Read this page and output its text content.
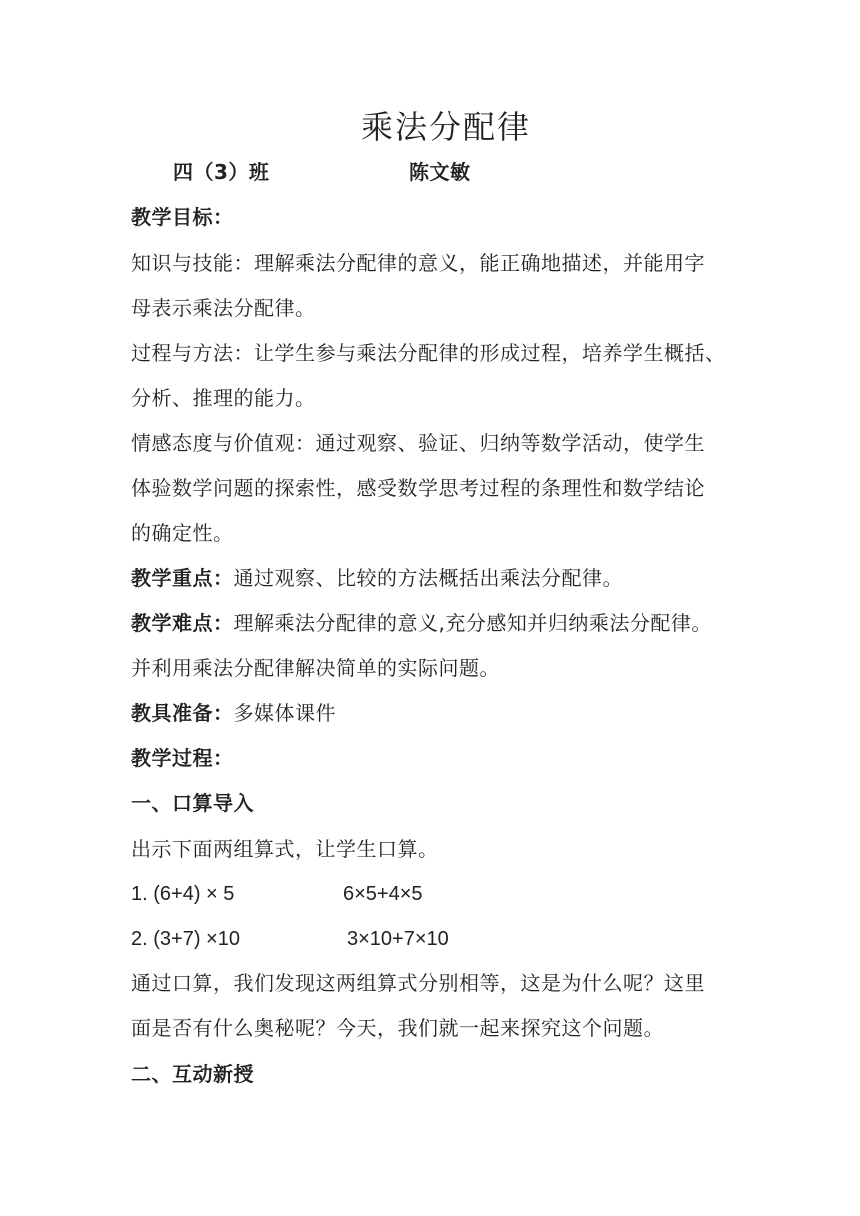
乘法分配律
四（3）班	陈文敏
教学目标：
知识与技能：理解乘法分配律的意义，能正确地描述，并能用字
母表示乘法分配律。
过程与方法：让学生参与乘法分配律的形成过程，培养学生概括、
分析、推理的能力。
情感态度与价值观：通过观察、验证、归纳等数学活动，使学生
体验数学问题的探索性，感受数学思考过程的条理性和数学结论
的确定性。
教学重点：通过观察、比较的方法概括出乘法分配律。
教学难点：理解乘法分配律的意义,充分感知并归纳乘法分配律。
并利用乘法分配律解决简单的实际问题。
教具准备：多媒体课件
教学过程：
一、口算导入
出示下面两组算式，让学生口算。
1. (6+4) × 5	6×5+4×5
2. (3+7) ×10	3×10+7×10
通过口算，我们发现这两组算式分别相等，这是为什么呢？这里
面是否有什么奥秘呢？今天，我们就一起来探究这个问题。
二、互动新授
